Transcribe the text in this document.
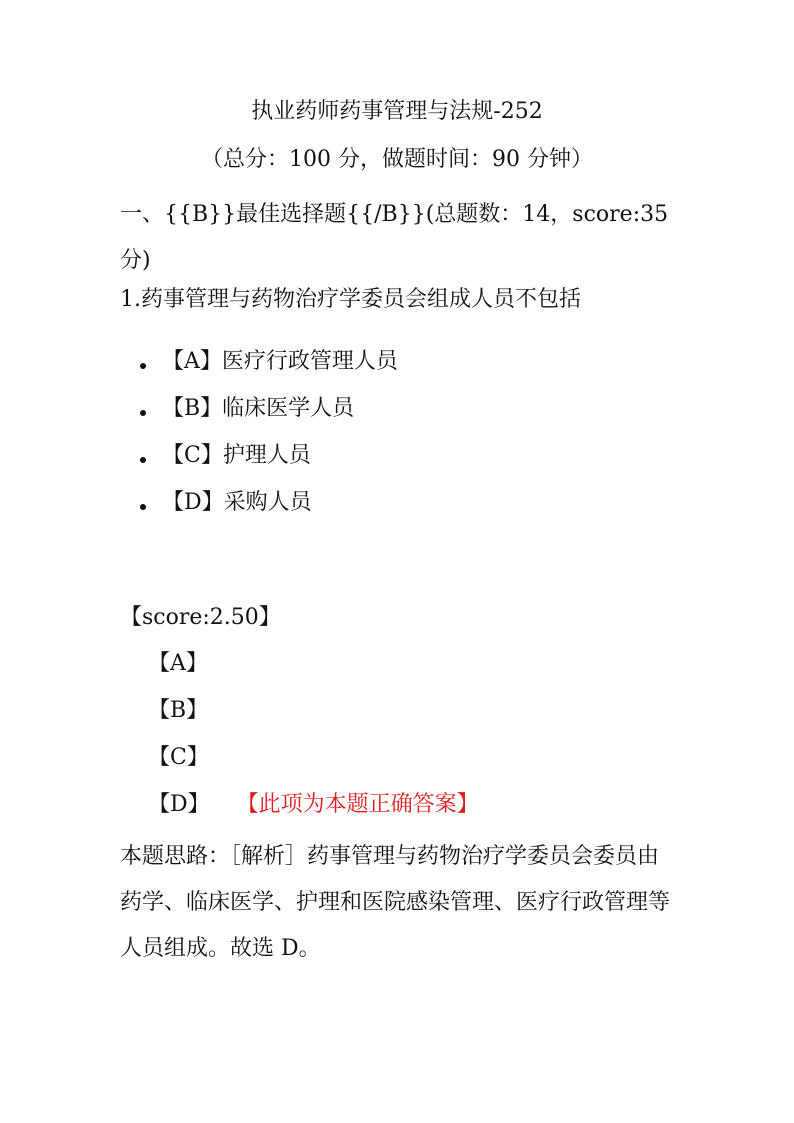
执业药师药事管理与法规-252
（总分：100 分，做题时间：90 分钟）
一、{{B}}最佳选择题{{/B}}(总题数：14，score:35 分)
1.药事管理与药物治疗学委员会组成人员不包括
【A】医疗行政管理人员
【B】临床医学人员
【C】护理人员
【D】采购人员
【score:2.50】
【A】
【B】
【C】
【D】 【此项为本题正确答案】
本题思路：［解析］药事管理与药物治疗学委员会委员由药学、临床医学、护理和医院感染管理、医疗行政管理等人员组成。故选 D。
